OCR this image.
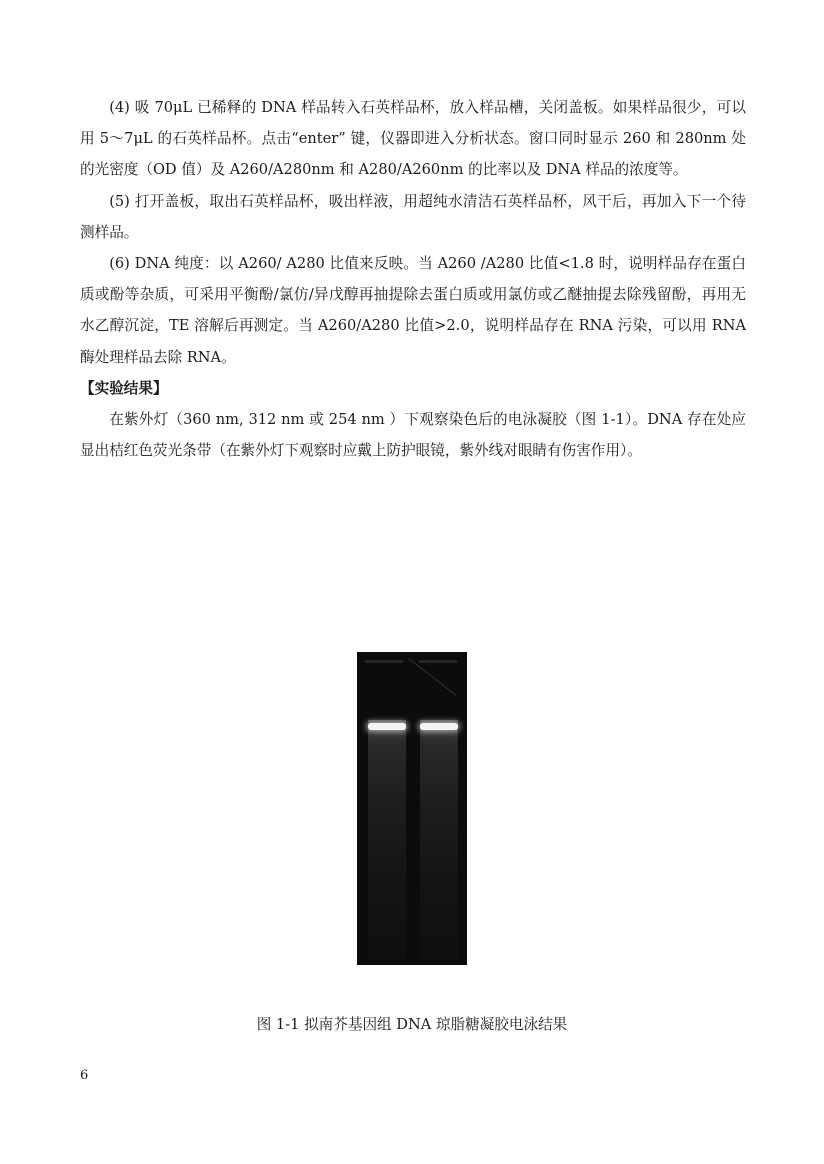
(4) 吸 70μL 已稀释的 DNA 样品转入石英样品杯，放入样品槽，关闭盖板。如果样品很少，可以用 5～7μL 的石英样品杯。点击“enter” 键，仪器即进入分析状态。窗口同时显示 260 和 280nm 处的光密度（OD 值）及 A260/A280nm 和 A280/A260nm 的比率以及 DNA 样品的浓度等。

(5) 打开盖板，取出石英样品杯，吸出样液，用超纯水清洁石英样品杯，风干后，再加入下一个待测样品。

(6) DNA 纯度：以 A260/ A280 比值来反映。当 A260 /A280 比值<1.8 时，说明样品存在蛋白质或酚等杂质，可采用平衡酚/氯仿/异戊醇再抽提除去蛋白质或用氯仿或乙醚抽提去除残留酚，再用无水乙醇沉淀，TE 溶解后再测定。当 A260/A280 比值>2.0，说明样品存在 RNA 污染，可以用 RNA 酶处理样品去除 RNA。

【实验结果】

在紫外灯（360 nm, 312 nm 或 254 nm ）下观察染色后的电泳凝胶（图 1-1）。DNA 存在处应显出桔红色荧光条带（在紫外灯下观察时应戴上防护眼镜，紫外线对眼睛有伤害作用）。

图 1-1 拟南芥基因组 DNA 琼脂糖凝胶电泳结果
6
